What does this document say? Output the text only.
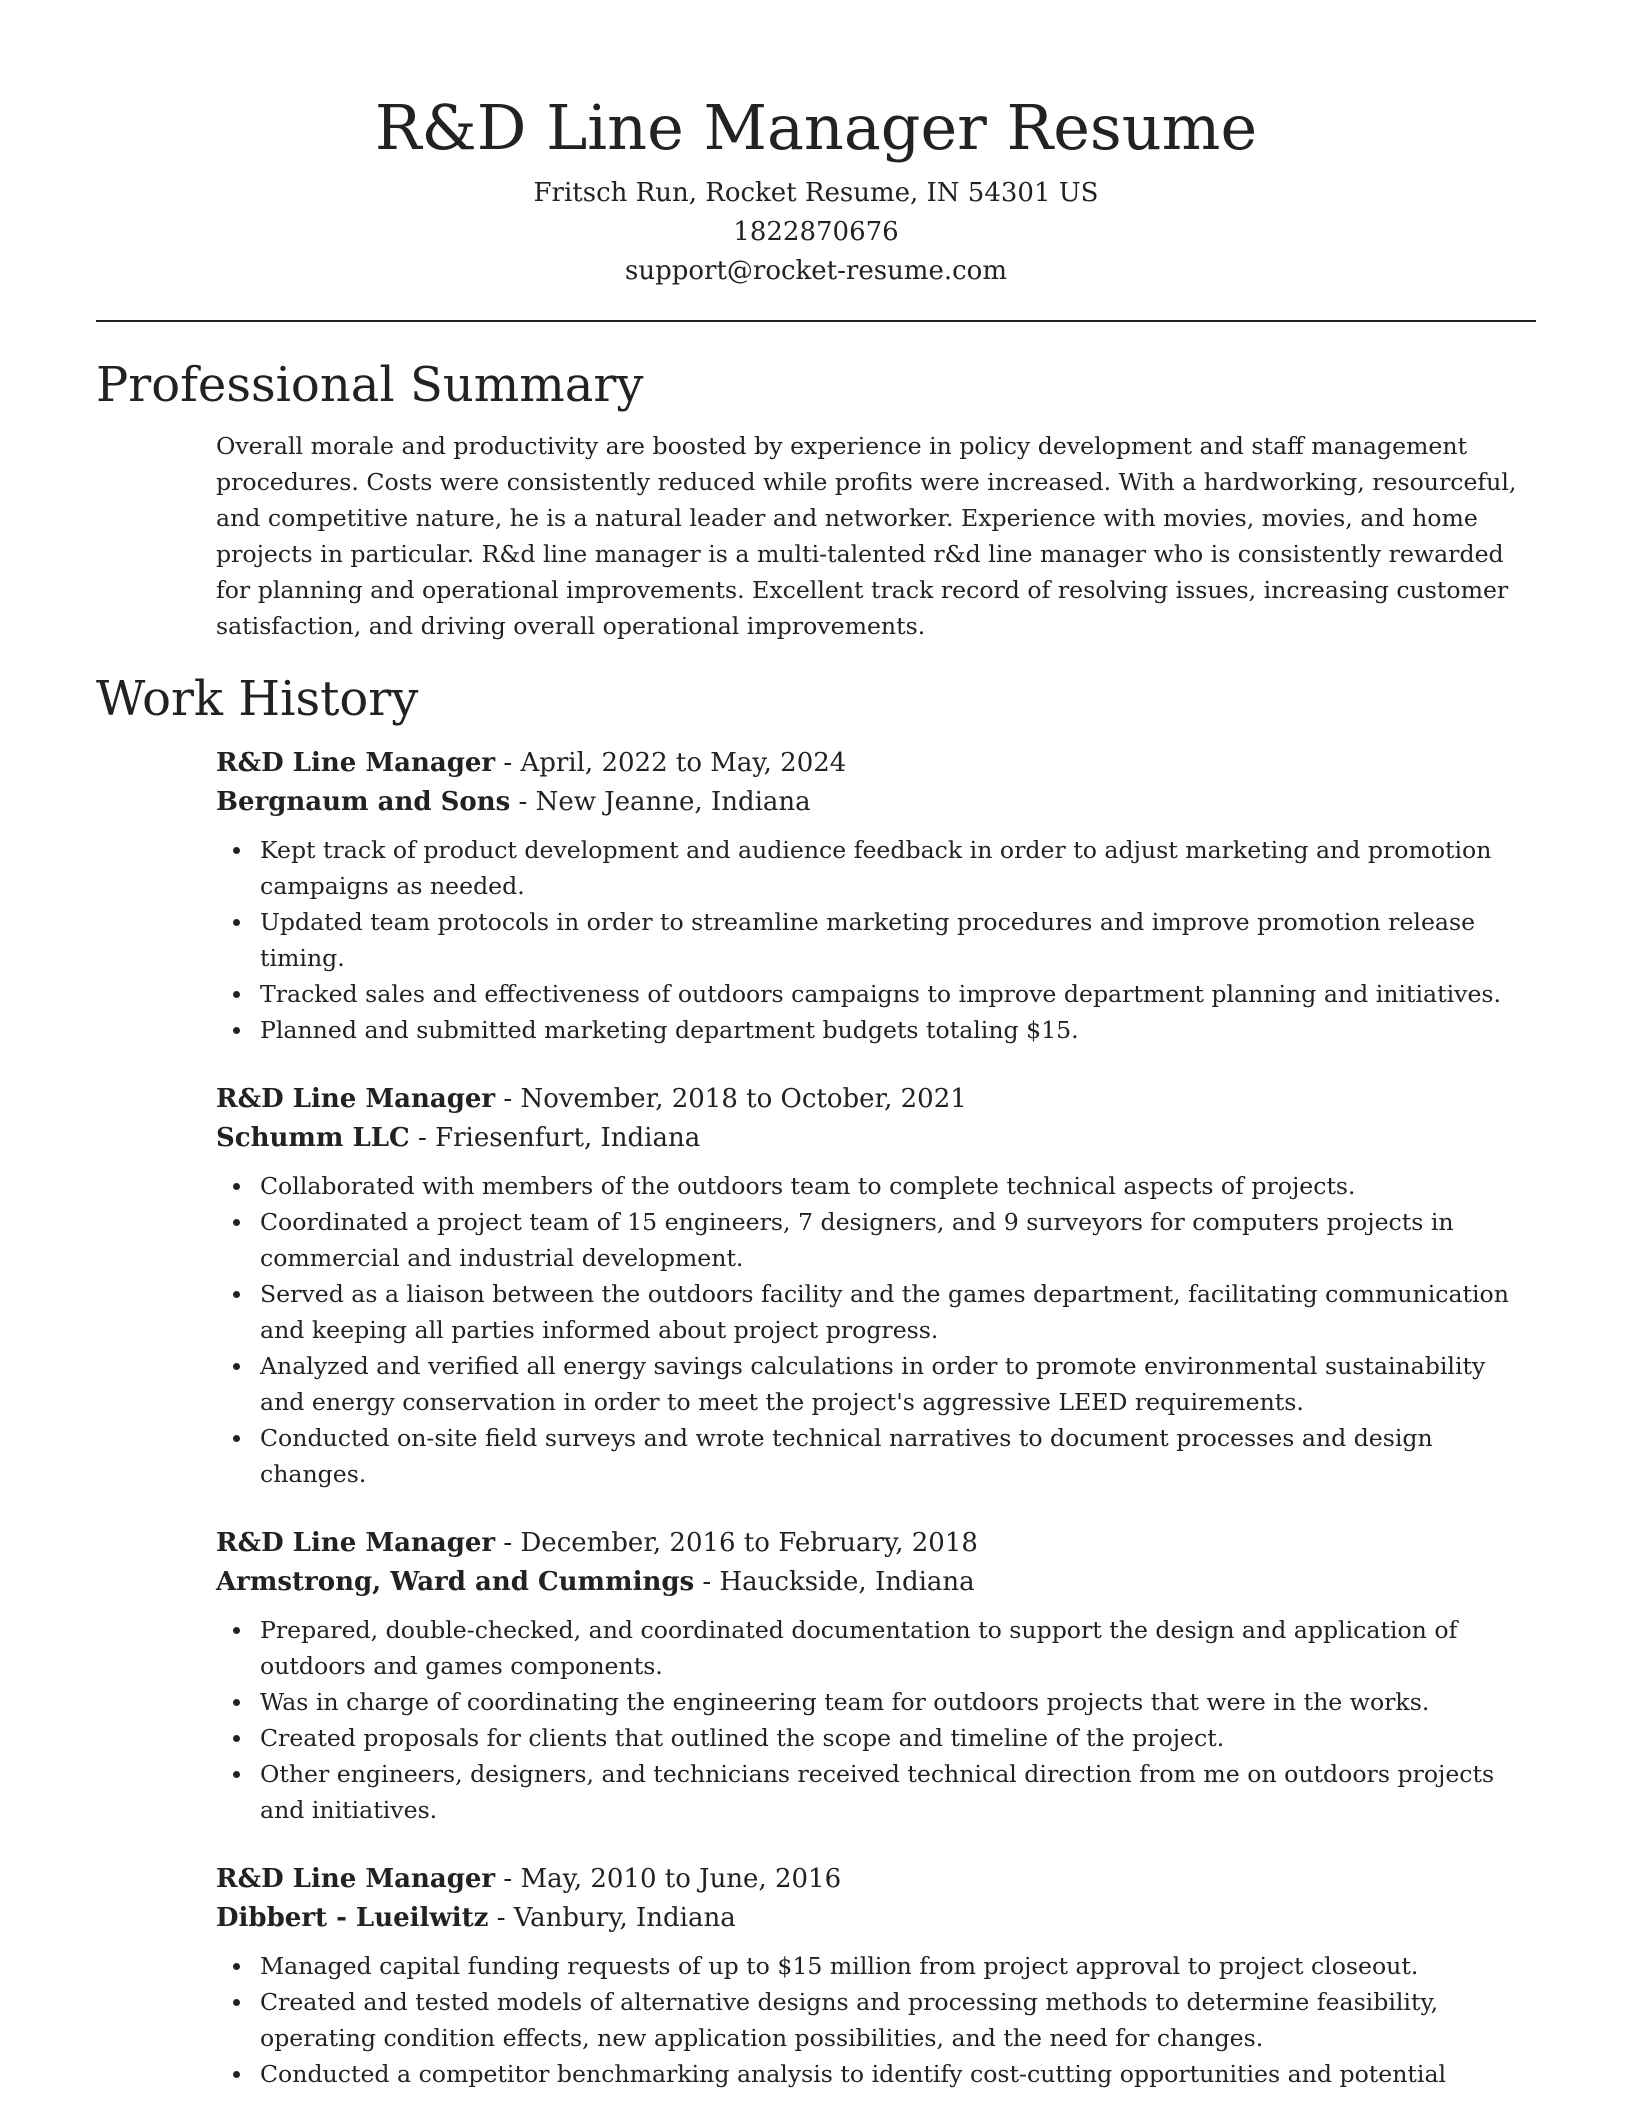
R&D Line Manager Resume

Fritsch Run, Rocket Resume, IN 54301 US

1822870676

support@rocket-resume.com

Professional Summary

Overall morale and productivity are boosted by experience in policy development and staff management procedures. Costs were consistently reduced while profits were increased. With a hardworking, resourceful, and competitive nature, he is a natural leader and networker. Experience with movies, movies, and home projects in particular. R&d line manager is a multi-talented r&d line manager who is consistently rewarded for planning and operational improvements. Excellent track record of resolving issues, increasing customer satisfaction, and driving overall operational improvements.

Work History

R&D Line Manager - April, 2022 to May, 2024

Bergnaum and Sons - New Jeanne, Indiana

Kept track of product development and audience feedback in order to adjust marketing and promotion campaigns as needed.
Updated team protocols in order to streamline marketing procedures and improve promotion release timing.
Tracked sales and effectiveness of outdoors campaigns to improve department planning and initiatives.
Planned and submitted marketing department budgets totaling $15.

R&D Line Manager - November, 2018 to October, 2021

Schumm LLC - Friesenfurt, Indiana

Collaborated with members of the outdoors team to complete technical aspects of projects.
Coordinated a project team of 15 engineers, 7 designers, and 9 surveyors for computers projects in commercial and industrial development.
Served as a liaison between the outdoors facility and the games department, facilitating communication and keeping all parties informed about project progress.
Analyzed and verified all energy savings calculations in order to promote environmental sustainability and energy conservation in order to meet the project's aggressive LEED requirements.
Conducted on-site field surveys and wrote technical narratives to document processes and design changes.

R&D Line Manager - December, 2016 to February, 2018

Armstrong, Ward and Cummings - Hauckside, Indiana

Prepared, double-checked, and coordinated documentation to support the design and application of outdoors and games components.
Was in charge of coordinating the engineering team for outdoors projects that were in the works.
Created proposals for clients that outlined the scope and timeline of the project.
Other engineers, designers, and technicians received technical direction from me on outdoors projects and initiatives.

R&D Line Manager - May, 2010 to June, 2016

Dibbert - Lueilwitz - Vanbury, Indiana

Managed capital funding requests of up to $15 million from project approval to project closeout.
Created and tested models of alternative designs and processing methods to determine feasibility, operating condition effects, new application possibilities, and the need for changes.
Conducted a competitor benchmarking analysis to identify cost-cutting opportunities and potential
